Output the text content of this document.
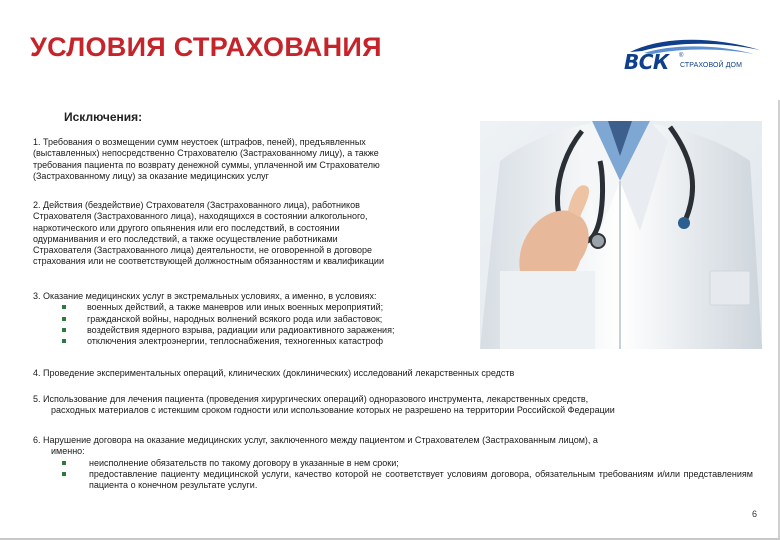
УСЛОВИЯ СТРАХОВАНИЯ	ВСК ®
СТРАХОВОЙ ДОМ
Исключения:

1. Требования о возмещении сумм неустоек (штрафов, пеней), предъявленных

(выставленных) непосредственно Страхователю (Застрахованному лицу), а также

требования пациента по возврату денежной суммы, уплаченной им Страхователю

(Застрахованному лицу) за оказание медицинских услуг

2. Действия (бездействие) Страхователя (Застрахованного лица), работников

Страхователя (Застрахованного лица), находящихся в состоянии алкогольного,

наркотического или другого опьянения или его последствий, в состоянии

одурманивания и его последствий, а также осуществление работниками

Страхователя (Застрахованного лица) деятельности, не оговоренной в договоре

страхования или не соответствующей должностным обязанностям и квалификации

3. Оказание медицинских услуг в экстремальных условиях, а именно, в условиях:

военных действий, а также маневров или иных военных мероприятий;
гражданской войны, народных волнений всякого рода или забастовок;
воздействия ядерного взрыва, радиации или радиоактивного заражения;
отключения электроэнергии, теплоснабжения, техногенных катастроф

4. Проведение экспериментальных операций, клинических (доклинических) исследований лекарственных средств

5. Использование для лечения пациента (проведения хирургических операций) одноразового инструмента, лекарственных средств,

расходных материалов с истекшим сроком годности или использование которых не разрешено на территории Российской Федерации

6. Нарушение договора на оказание медицинских услуг, заключенного между пациентом и Страхователем (Застрахованным лицом), а

именно:

неисполнение обязательств по такому договору в указанные в нем сроки;
предоставление пациенту медицинской услуги, качество которой не соответствует условиям договора, обязательным требованиям и/или представлениям пациента о конечном результате услуги.
6
